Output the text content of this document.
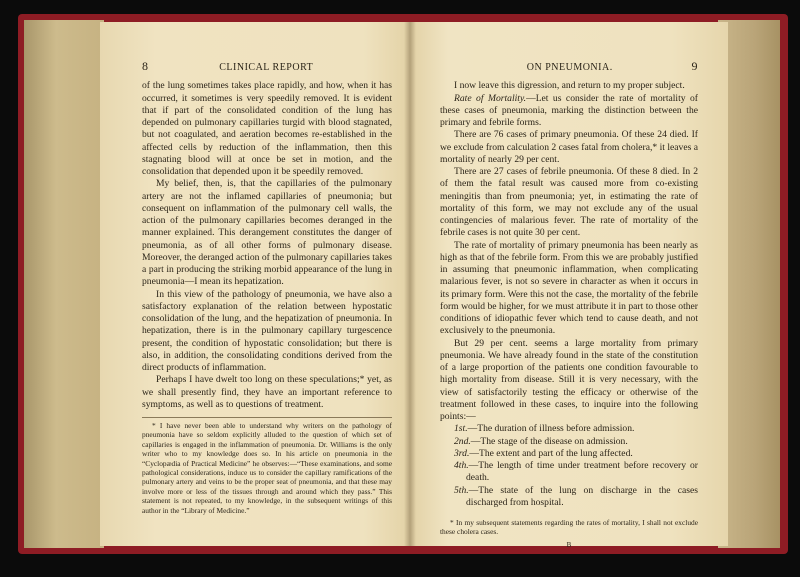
8	CLINICAL REPORT

of the lung sometimes takes place rapidly, and how, when it has occurred, it sometimes is very speedily removed. It is evident that if part of the consolidated condition of the lung has depended on pulmonary capillaries turgid with blood stagnated, but not coagulated, and aeration becomes re-established in the affected cells by reduction of the inflammation, then this stagnating blood will at once be set in motion, and the consolidation that depended upon it be speedily removed.

My belief, then, is, that the capillaries of the pulmonary artery are not the inflamed capillaries of pneumonia; but consequent on inflammation of the pulmonary cell walls, the action of the pulmonary capillaries becomes deranged in the manner explained. This derangement constitutes the danger of pneumonia, as of all other forms of pulmonary disease. Moreover, the deranged action of the pulmonary capillaries takes a part in producing the striking morbid appearance of the lung in pneumonia—I mean its hepatization.

In this view of the pathology of pneumonia, we have also a satisfactory explanation of the relation between hypostatic consolidation of the lung, and the hepatization of pneumonia. In hepatization, there is in the pulmonary capillary turgescence present, the condition of hypostatic consolidation; but there is also, in addition, the consolidating conditions derived from the direct products of inflammation.

Perhaps I have dwelt too long on these speculations;* yet, as we shall presently find, they have an important reference to symptoms, as well as to questions of treatment.

* I have never been able to understand why writers on the pathology of pneumonia have so seldom explicitly alluded to the question of which set of capillaries is engaged in the inflammation of pneumonia. Dr. Williams is the only writer who to my knowledge does so. In his article on pneumonia in the “Cyclopædia of Practical Medicine” he observes:—“These examinations, and some pathological considerations, induce us to consider the capillary ramifications of the pulmonary artery and veins to be the proper seat of pneumonia, and that these may involve more or less of the tissues through and around which they pass.” This statement is not repeated, to my knowledge, in the subsequent writings of this author in the “Library of Medicine.”

ON PNEUMONIA.	9

I now leave this digression, and return to my proper subject.

Rate of Mortality.—Let us consider the rate of mortality of these cases of pneumonia, marking the distinction between the primary and febrile forms.

There are 76 cases of primary pneumonia. Of these 24 died. If we exclude from calculation 2 cases fatal from cholera,* it leaves a mortality of nearly 29 per cent.

There are 27 cases of febrile pneumonia. Of these 8 died. In 2 of them the fatal result was caused more from co-existing meningitis than from pneumonia; yet, in estimating the rate of mortality of this form, we may not exclude any of the usual contingencies of malarious fever. The rate of mortality of the febrile cases is not quite 30 per cent.

The rate of mortality of primary pneumonia has been nearly as high as that of the febrile form. From this we are probably justified in assuming that pneumonic inflammation, when complicating malarious fever, is not so severe in character as when it occurs in its primary form. Were this not the case, the mortality of the febrile form would be higher, for we must attribute it in part to those other conditions of idiopathic fever which tend to cause death, and not exclusively to the pneumonia.

But 29 per cent. seems a large mortality from primary pneumonia. We have already found in the state of the constitution of a large proportion of the patients one condition favourable to high mortality from disease. Still it is very necessary, with the view of satisfactorily testing the efficacy or otherwise of the treatment followed in these cases, to inquire into the following points:—

1st.—The duration of illness before admission.

2nd.—The stage of the disease on admission.

3rd.—The extent and part of the lung affected.

4th.—The length of time under treatment before recovery or death.

5th.—The state of the lung on discharge in the cases discharged from hospital.

* In my subsequent statements regarding the rates of mortality, I shall not exclude these cholera cases.

B
